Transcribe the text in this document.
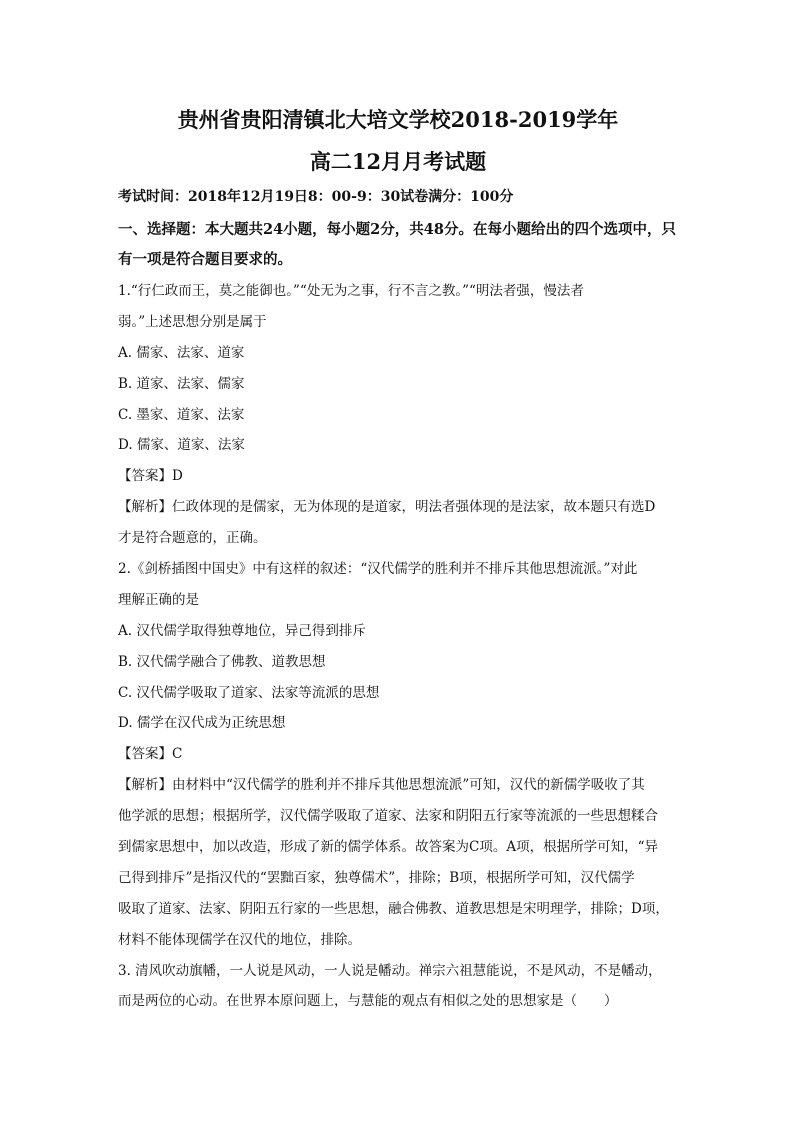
贵州省贵阳清镇北大培文学校2018-2019学年
高二12月月考试题
考试时间：2018年12月19日8：00-9：30试卷满分：100分
一、选择题：本大题共24小题，每小题2分，共48分。在每小题给出的四个选项中，只
有一项是符合题目要求的。
1.“行仁政而王，莫之能御也。”“处无为之事，行不言之教。”“明法者强，慢法者
弱。”上述思想分别是属于
A. 儒家、法家、道家
B. 道家、法家、儒家
C. 墨家、道家、法家
D. 儒家、道家、法家
【答案】D
【解析】仁政体现的是儒家，无为体现的是道家，明法者强体现的是法家，故本题只有选D
才是符合题意的，正确。
2.《剑桥插图中国史》中有这样的叙述：“汉代儒学的胜利并不排斥其他思想流派。”对此
理解正确的是
A. 汉代儒学取得独尊地位，异己得到排斥
B. 汉代儒学融合了佛教、道教思想
C. 汉代儒学吸取了道家、法家等流派的思想
D. 儒学在汉代成为正统思想
【答案】C
【解析】由材料中“汉代儒学的胜利并不排斥其他思想流派”可知，汉代的新儒学吸收了其
他学派的思想；根据所学，汉代儒学吸取了道家、法家和阴阳五行家等流派的一些思想糅合
到儒家思想中，加以改造，形成了新的儒学体系。故答案为C项。A项，根据所学可知，“异
己得到排斥”是指汉代的“罢黜百家，独尊儒术”，排除；B项，根据所学可知，汉代儒学
吸取了道家、法家、阴阳五行家的一些思想，融合佛教、道教思想是宋明理学，排除；D项，
材料不能体现儒学在汉代的地位，排除。
3. 清风吹动旗幡，一人说是风动，一人说是幡动。禅宗六祖慧能说，不是风动，不是幡动，
而是两位的心动。在世界本原问题上，与慧能的观点有相似之处的思想家是（　　）
